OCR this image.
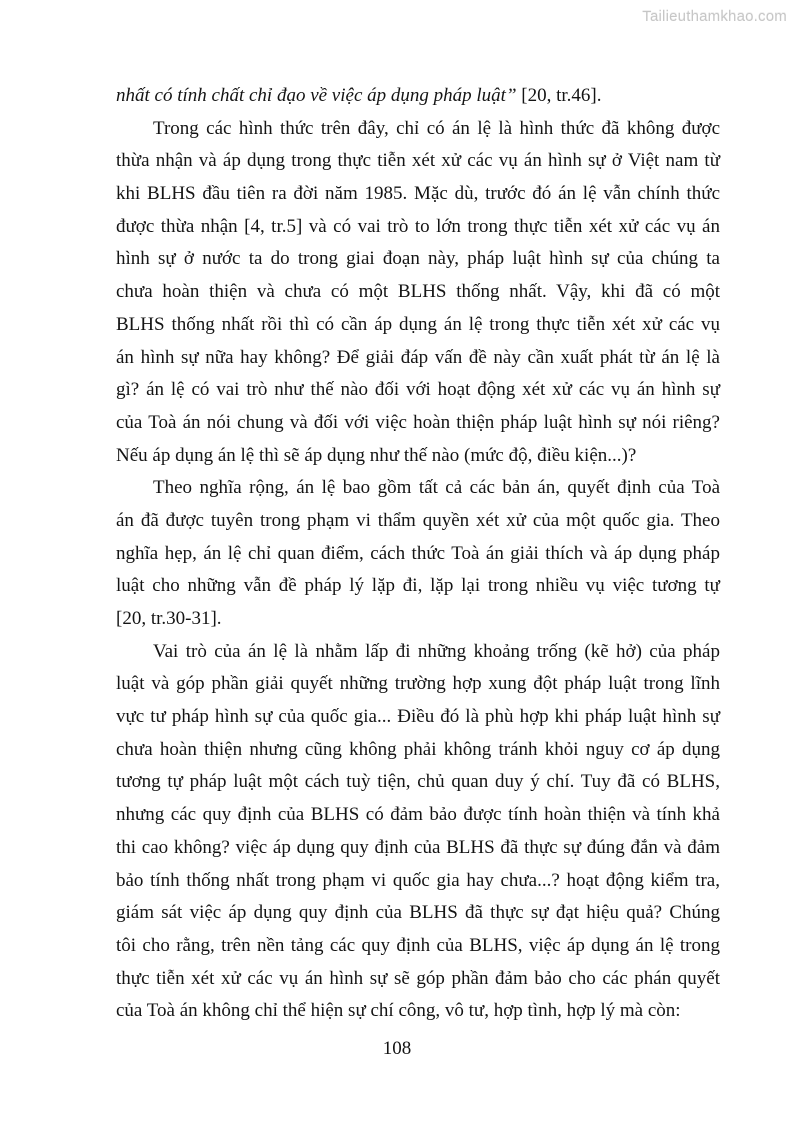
Tailieuthamkhao.com
nhất có tính chất chỉ đạo về việc áp dụng pháp luật” [20, tr.46].
Trong các hình thức trên đây, chỉ có án lệ là hình thức đã không được
thừa nhận và áp dụng trong thực tiễn xét xử các vụ án hình sự ở Việt nam từ
khi BLHS đầu tiên ra đời năm 1985. Mặc dù, trước đó án lệ vẫn chính thức
được thừa nhận [4, tr.5] và có vai trò to lớn trong thực tiễn xét xử các vụ án
hình sự ở nước ta do trong giai đoạn này, pháp luật hình sự của chúng ta
chưa hoàn thiện và chưa có một BLHS thống nhất. Vậy, khi đã có một
BLHS thống nhất rồi thì có cần áp dụng án lệ trong thực tiễn xét xử các vụ
án hình sự nữa hay không? Để giải đáp vấn đề này cần xuất phát từ án lệ là
gì? án lệ có vai trò như thế nào đối với hoạt động xét xử các vụ án hình sự
của Toà án nói chung và đối với việc hoàn thiện pháp luật hình sự nói riêng?
Nếu áp dụng án lệ thì sẽ áp dụng như thế nào (mức độ, điều kiện...)?
Theo nghĩa rộng, án lệ bao gồm tất cả các bản án, quyết định của Toà
án đã được tuyên trong phạm vi thẩm quyền xét xử của một quốc gia. Theo
nghĩa hẹp, án lệ chỉ quan điểm, cách thức Toà án giải thích và áp dụng pháp
luật cho những vẫn đề pháp lý lặp đi, lặp lại trong nhiều vụ việc tương tự
[20, tr.30-31].
Vai trò của án lệ là nhằm lấp đi những khoảng trống (kẽ hở) của pháp
luật và góp phần giải quyết những trường hợp xung đột pháp luật trong lĩnh
vực tư pháp hình sự của quốc gia... Điều đó là phù hợp khi pháp luật hình sự
chưa hoàn thiện nhưng cũng không phải không tránh khỏi nguy cơ áp dụng
tương tự pháp luật một cách tuỳ tiện, chủ quan duy ý chí. Tuy đã có BLHS,
nhưng các quy định của BLHS có đảm bảo được tính hoàn thiện và tính khả
thi cao không? việc áp dụng quy định của BLHS đã thực sự đúng đắn và đảm
bảo tính thống nhất trong phạm vi quốc gia hay chưa...? hoạt động kiểm tra,
giám sát việc áp dụng quy định của BLHS đã thực sự đạt hiệu quả? Chúng
tôi cho rằng, trên nền tảng các quy định của BLHS, việc áp dụng án lệ trong
thực tiễn xét xử các vụ án hình sự sẽ góp phần đảm bảo cho các phán quyết
của Toà án không chỉ thể hiện sự chí công, vô tư, hợp tình, hợp lý mà còn:
108
